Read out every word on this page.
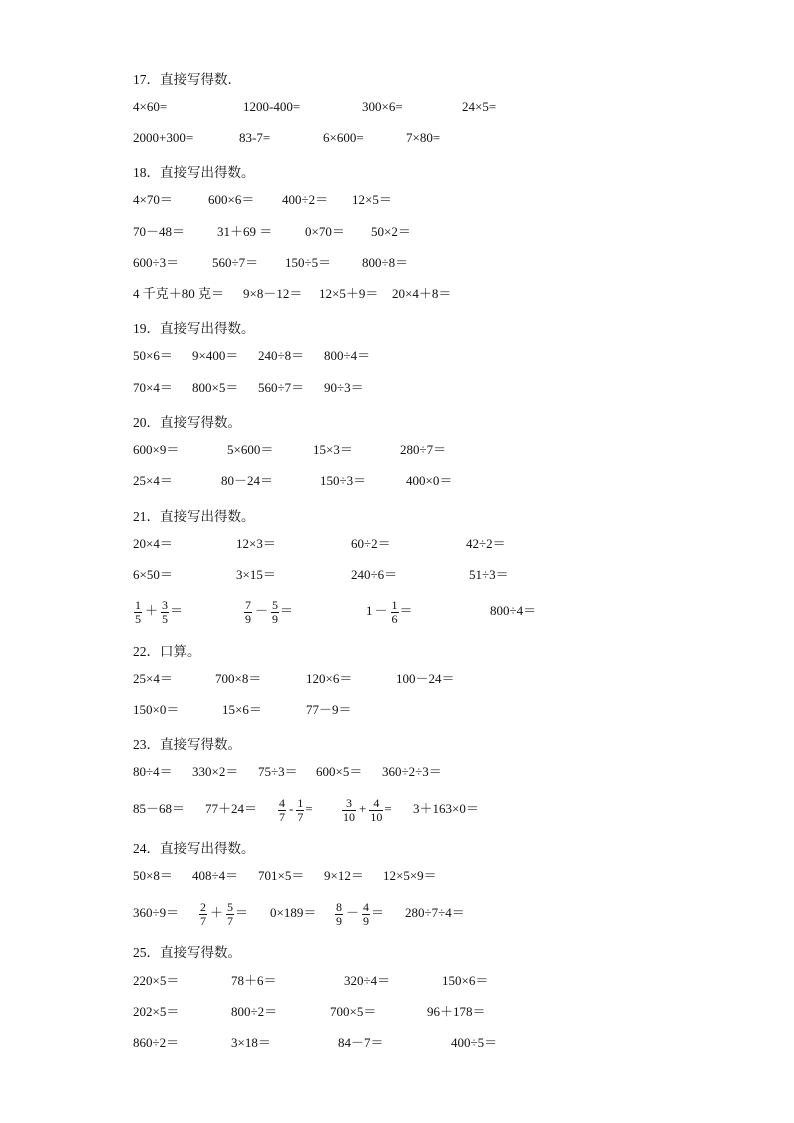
17．直接写得数．
4×60=	1200-400=	300×6=	24×5=
2000+300=	83-7=	6×600=	7×80=
18．直接写出得数。
4×70＝	600×6＝ 400÷2＝ 12×5＝
70－48＝ 31＋69 ＝	0×70＝ 50×2＝
600÷3＝	560÷7＝ 150÷5＝ 800÷8＝
4 千克＋80 克＝ 9×8－12＝ 12×5＋9＝ 20×4＋8＝
19．直接写出得数。
50×6＝ 9×400＝ 240÷8＝ 800÷4＝
70×4＝ 800×5＝ 560÷7＝ 90÷3＝
20．直接写得数。
600×9＝	5×600＝	15×3＝	280÷7＝
25×4＝	80－24＝	150÷3＝	400×0＝
21．直接写出得数。
20×4＝	12×3＝	60÷2＝	42÷2＝
6×50＝	3×15＝	240÷6＝	51÷3＝
$\frac{1}{5} + \frac{3}{5}$ ＝	$\frac{7}{9} - \frac{5}{9}$ ＝	$1 - \frac{1}{6}$ ＝	800÷4＝
22．口算。
25×4＝	700×8＝	120×6＝	100－24＝
150×0＝	15×6＝	77－9＝
23．直接写得数。
80÷4＝ 330×2＝ 75÷3＝ 600×5＝ 360÷2÷3＝
$85-68= 77+24= \frac{4}{7} - \frac{1}{7} = \frac{3}{10} + \frac{4}{10} = 3+163\times 0=$
24．直接写出得数。
50×8＝ 408÷4＝ 701×5＝ 9×12＝ 12×5×9＝
$360\div 9= \frac{2}{7} + \frac{5}{7} = 0\times 189= \frac{8}{9} - \frac{4}{9} = 280\div 7\div 4=$
25．直接写得数。
220×5＝	78＋6＝	320÷4＝	150×6＝
202×5＝	800÷2＝	700×5＝	96＋178＝
860÷2＝	3×18＝	84－7＝	400÷5＝
